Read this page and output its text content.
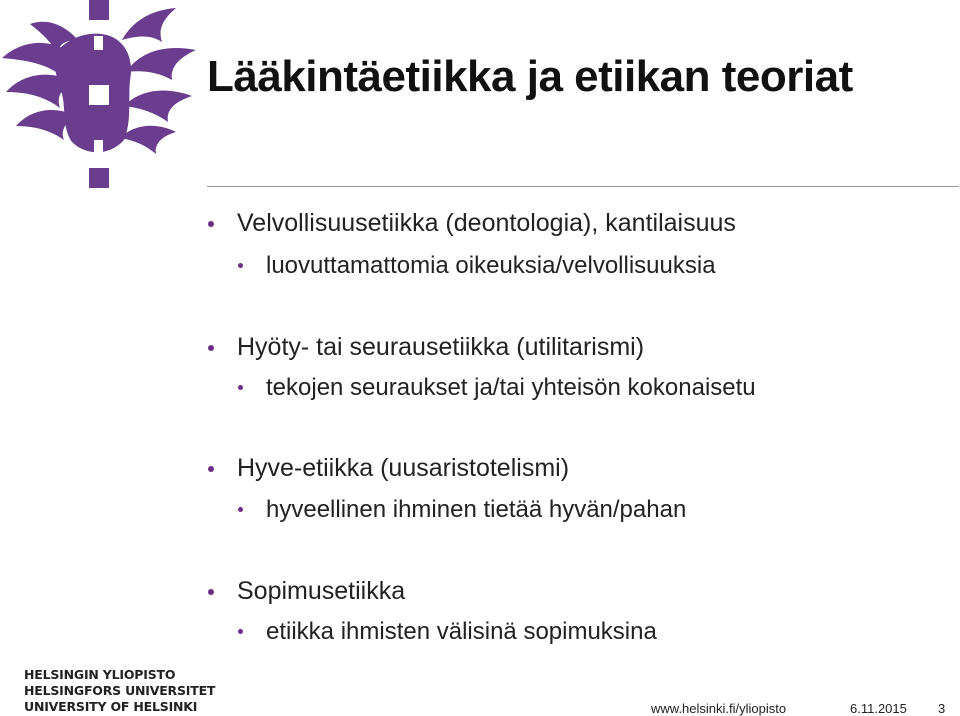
Lääkintäetiikka ja etiikan teoriat
Velvollisuusetiikka (deontologia), kantilaisuus
luovuttamattomia oikeuksia/velvollisuuksia
Hyöty- tai seurausetiikka (utilitarismi)
tekojen seuraukset ja/tai yhteisön kokonaisetu
Hyve-etiikka (uusaristotelismi)
hyveellinen ihminen tietää hyvän/pahan
Sopimusetiikka
etiikka ihmisten välisinä sopimuksina
HELSINGIN YLIOPISTO
HELSINGFORS UNIVERSITET
UNIVERSITY OF HELSINKI	www.helsinki.fi/yliopisto	6.11.2015 3
